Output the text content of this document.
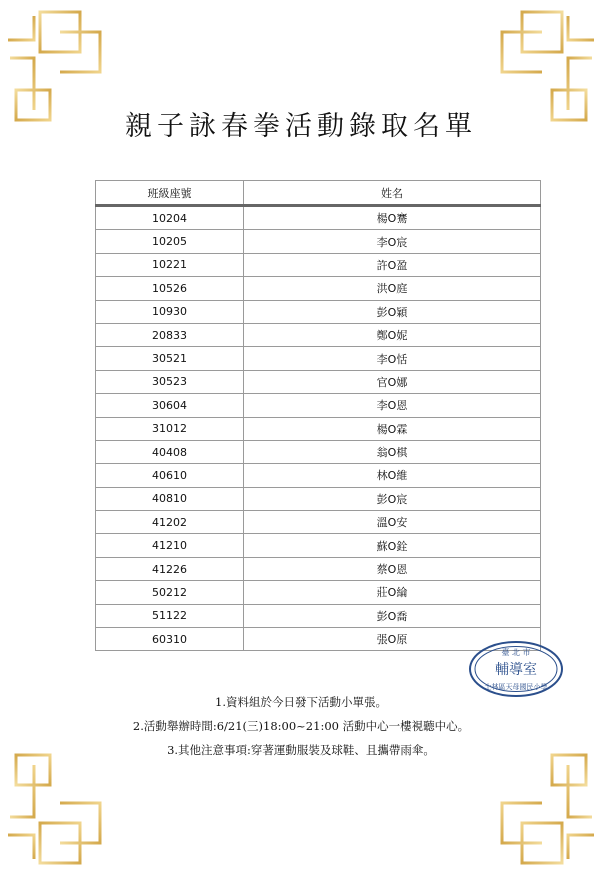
親子詠春拳活動錄取名單
班級座號	姓名
10204	楊O騫
10205	李O宸
10221	許O盈
10526	洪O庭
10930	彭O穎
20833	鄭O妮
30521	李O恬
30523	官O娜
30604	李O恩
31012	楊O霖
40408	翁O棋
40610	林O維
40810	彭O宸
41202	溫O安
41210	蘇O銓
41226	蔡O恩
50212	莊O綸
51122	彭O喬
60310	張O原
1.資料組於今日發下活動小單張。
2.活動舉辦時間:6/21(三)18:00~21:00 活動中心一樓視聽中心。
3.其他注意事項:穿著運動服裝及球鞋、且攜帶雨傘。
臺 北 市
輔導室
士林區天母國民小學
